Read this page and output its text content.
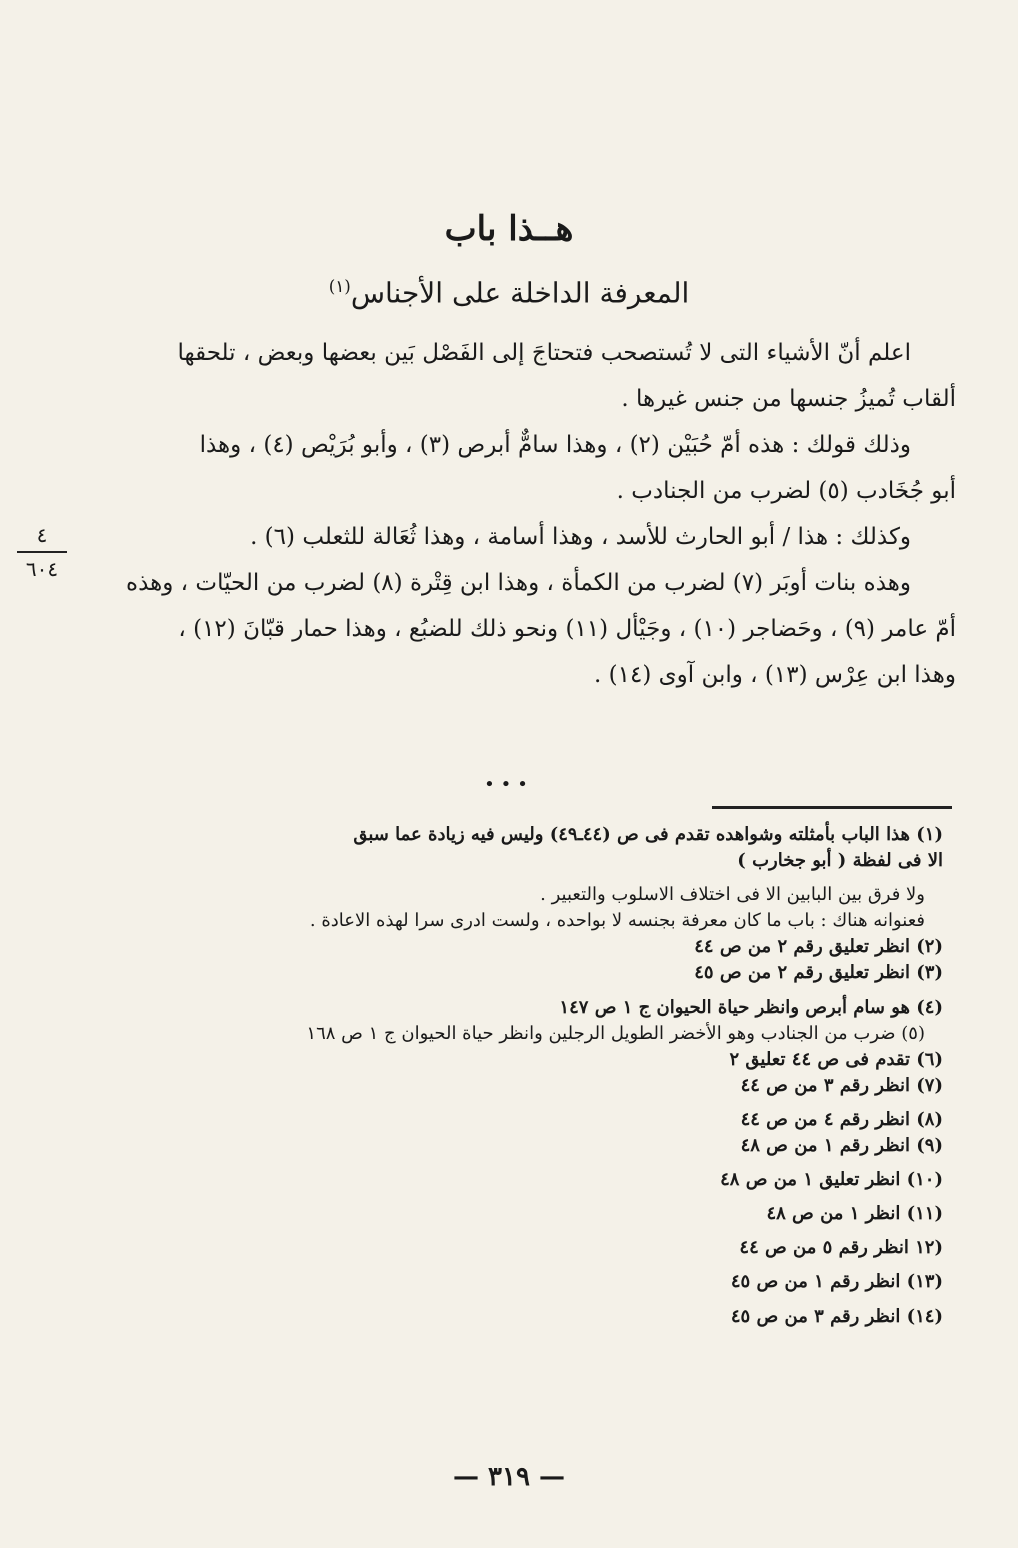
هــذا باب
المعرفة الداخلة على الأجناس$^{(١)}$

اعلم أنّ الأشياء التى لا تُستصحب فتحتاجَ إلى الفَصْل بَين بعضها وبعض ، تلحقها
ألقاب تُميزُ جنسها من جنس غيرها .

وذلك قولك : هذه أمّ حُبَيْن (٢) ، وهذا سامٌّ أبرص (٣) ، وأبو بُرَيْص (٤) ، وهذا
أبو جُخَادب (٥) لضرب من الجنادب .

وكذلك : هذا / أبو الحارث للأسد ، وهذا أسامة ، وهذا ثُعَالة للثعلب (٦) .

وهذه بنات أوبَر (٧) لضرب من الكمأة ، وهذا ابن قِتْرة (٨) لضرب من الحيّات ، وهذه
أمّ عامر (٩) ، وحَضاجر (١٠) ، وجَيْأل (١١) ونحو ذلك للضبُع ، وهذا حمار قبّانَ (١٢) ،
وهذا ابن عِرْس (١٣) ، وابن آوى (١٤) .

٤
٦٠٤
•••
(١) هذا الباب بأمثلته وشواهده تقدم فى ص (٤٤ـ٤٩) وليس فيه زيادة عما سبق
الا فى لفظة ( أبو جخارب )
ولا فرق بين البابين الا فى اختلاف الاسلوب والتعبير .
فعنوانه هناك : باب ما كان معرفة بجنسه لا بواحده ، ولست ادرى سرا لهذه الاعادة .
(٢) انظر تعليق رقم ٢ من ص ٤٤
(٣) انظر تعليق رقم ٢ من ص ٤٥
(٤) هو سام أبرص وانظر حياة الحيوان ج ١ ص ١٤٧
(٥) ضرب من الجنادب وهو الأخضر الطويل الرجلين وانظر حياة الحيوان ج ١ ص ١٦٨
(٦) تقدم فى ص ٤٤ تعليق ٢
(٧) انظر رقم ٣ من ص ٤٤
(٨) انظر رقم ٤ من ص ٤٤
(٩) انظر رقم ١ من ص ٤٨
(١٠) انظر تعليق ١ من ص ٤٨
(١١) انظر ١ من ص ٤٨
(١٢ انظر رقم ٥ من ص ٤٤
(١٣) انظر رقم ١ من ص ٤٥
(١٤) انظر رقم ٣ من ص ٤٥
— ٣١٩ —
